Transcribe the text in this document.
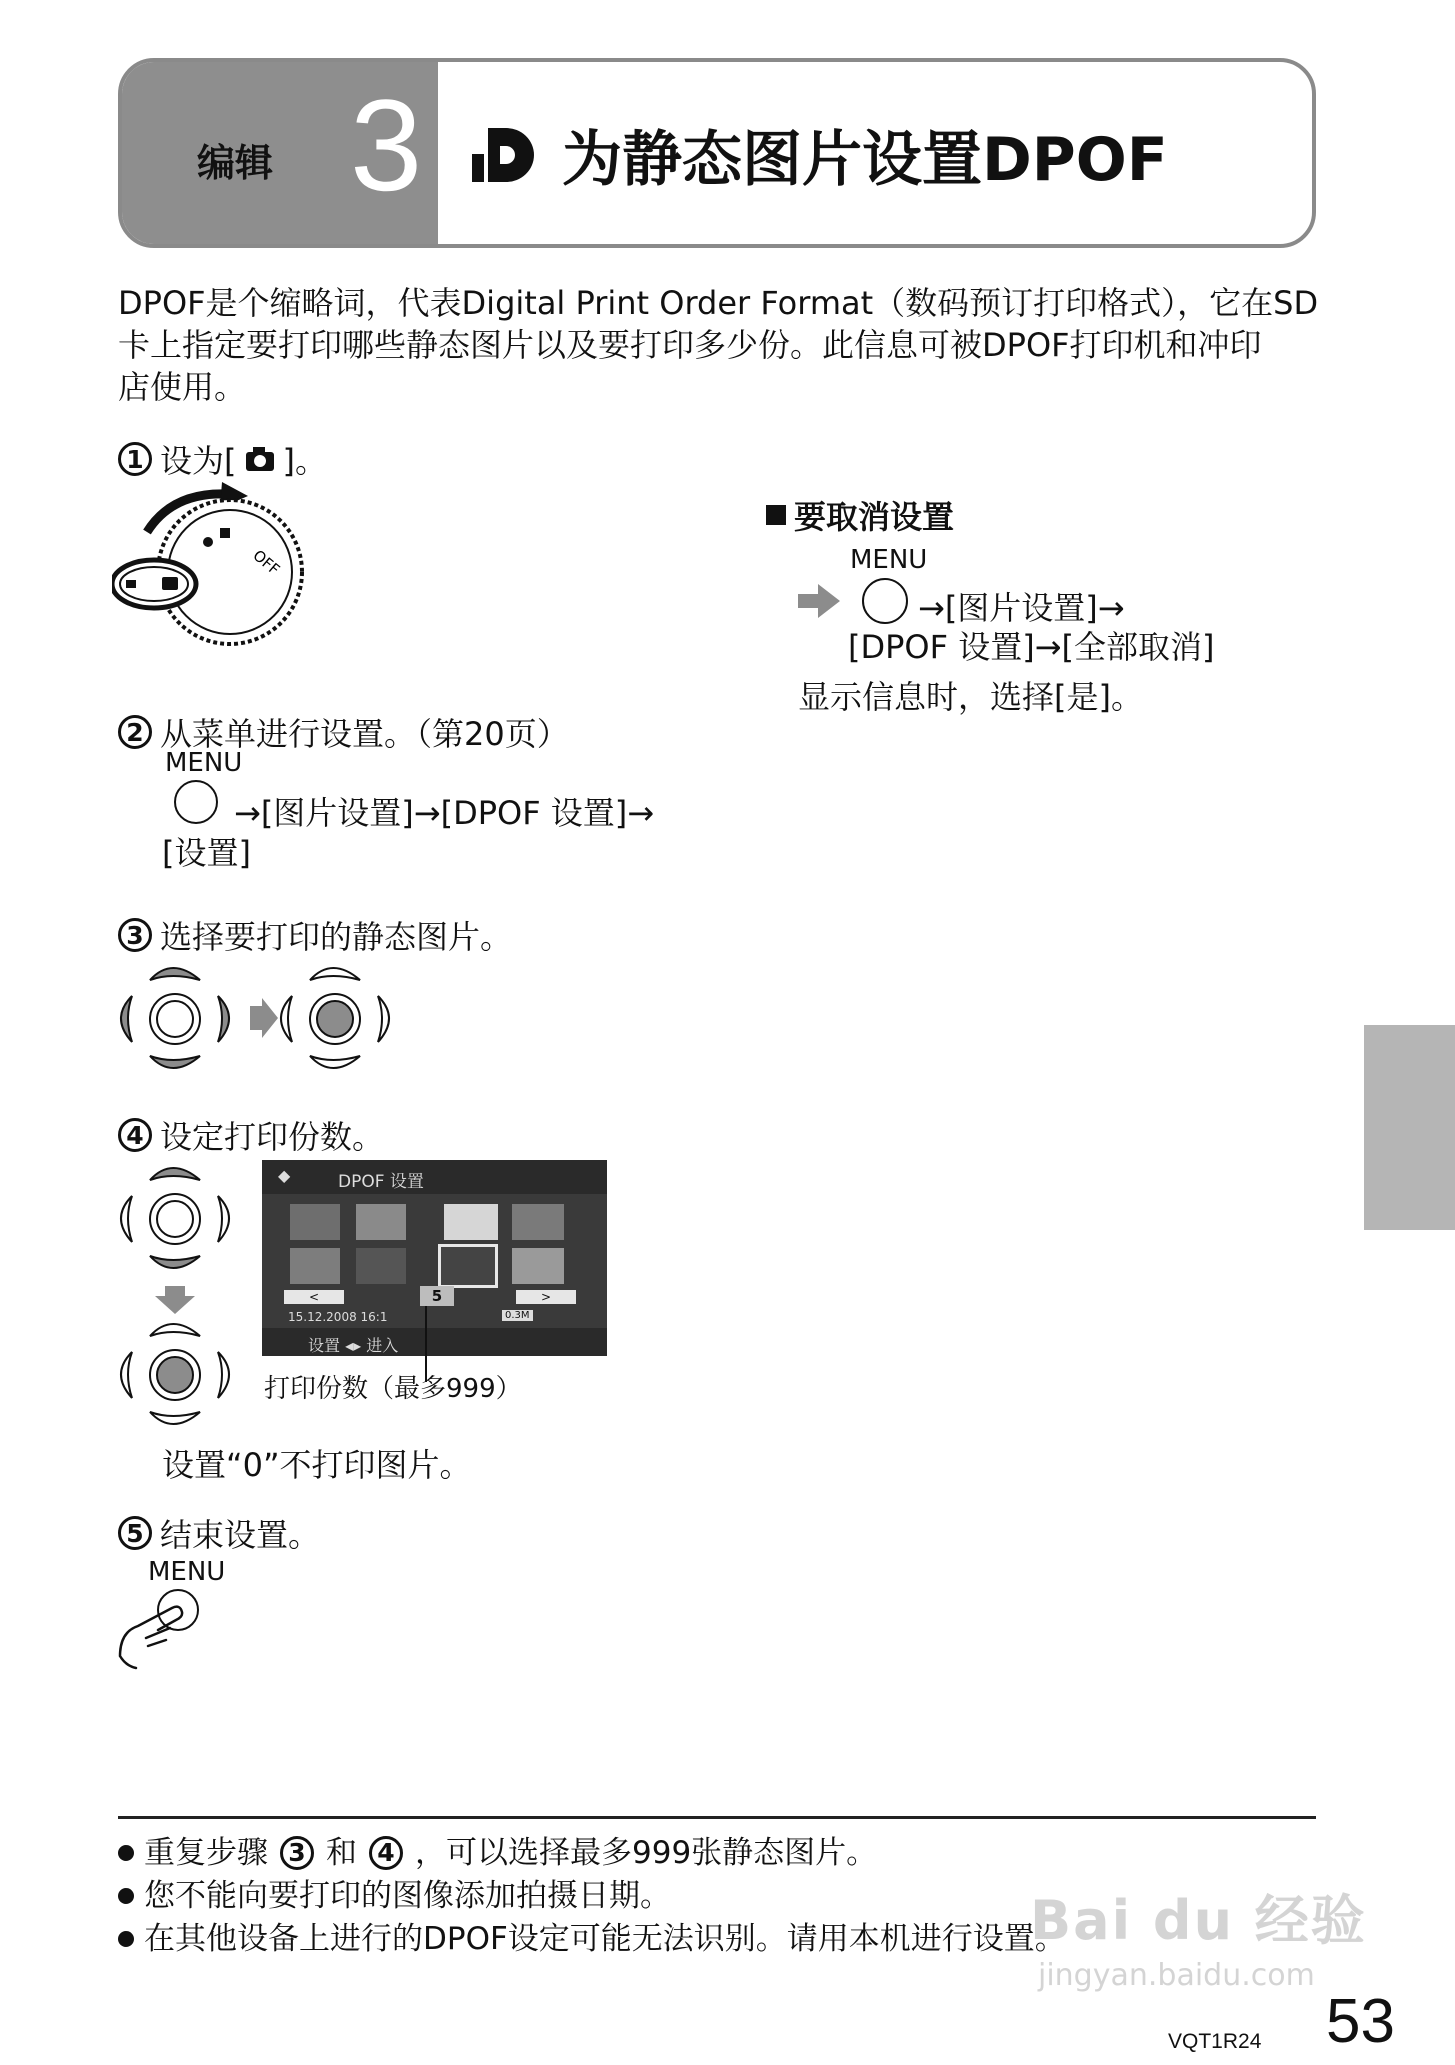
编辑 3 为静态图片设置DPOF
DPOF是个缩略词，代表Digital Print Order Format（数码预订打印格式），它在SD
卡上指定要打印哪些静态图片以及要打印多少份。此信息可被DPOF打印机和冲印
店使用。
1 设为[ ]。
OFF
2 从菜单进行设置。（第20页）
MENU
→[图片设置]→[DPOF 设置]→
[设置]
3 选择要打印的静态图片。
4 设定打印份数。
◆	DPOF 设置
<	5	>
15.12.2008 16:1	0.3M
设置 ◂▸ 进入
打印份数（最多999）
设置“0”不打印图片。
5 结束设置。
MENU
要取消设置
MENU
→[图片设置]→
[DPOF 设置]→[全部取消]
显示信息时，选择[是]。
重复步骤 3 和 4 ，可以选择最多999张静态图片。
您不能向要打印的图像添加拍摄日期。
在其他设备上进行的DPOF设定可能无法识别。请用本机进行设置。
Bai du 经验
jingyan.baidu.com
VQT1R24 53
